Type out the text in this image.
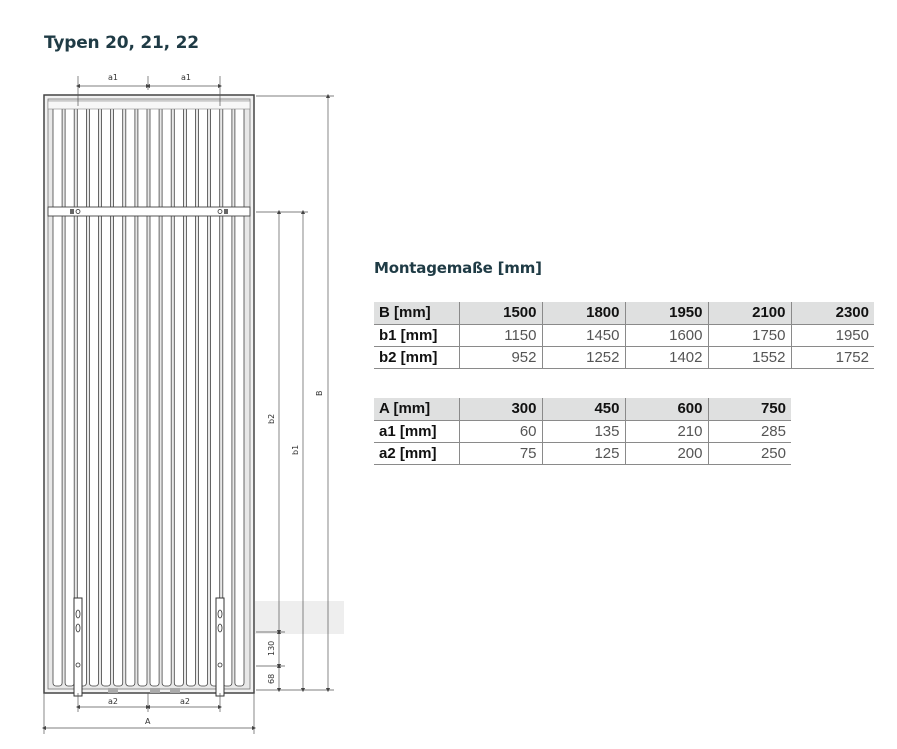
Typen 20, 21, 22
a1	a1
B
b2
b1
130
68
a2	a2
A
Montagemaße [mm]
B [mm]	1500	1800	1950	2100	2300
b1 [mm]	1150	1450	1600	1750	1950
b2 [mm]	952	1252	1402	1552	1752
A [mm]	300	450	600	750
a1 [mm]	60	135	210	285
a2 [mm]	75	125	200	250
